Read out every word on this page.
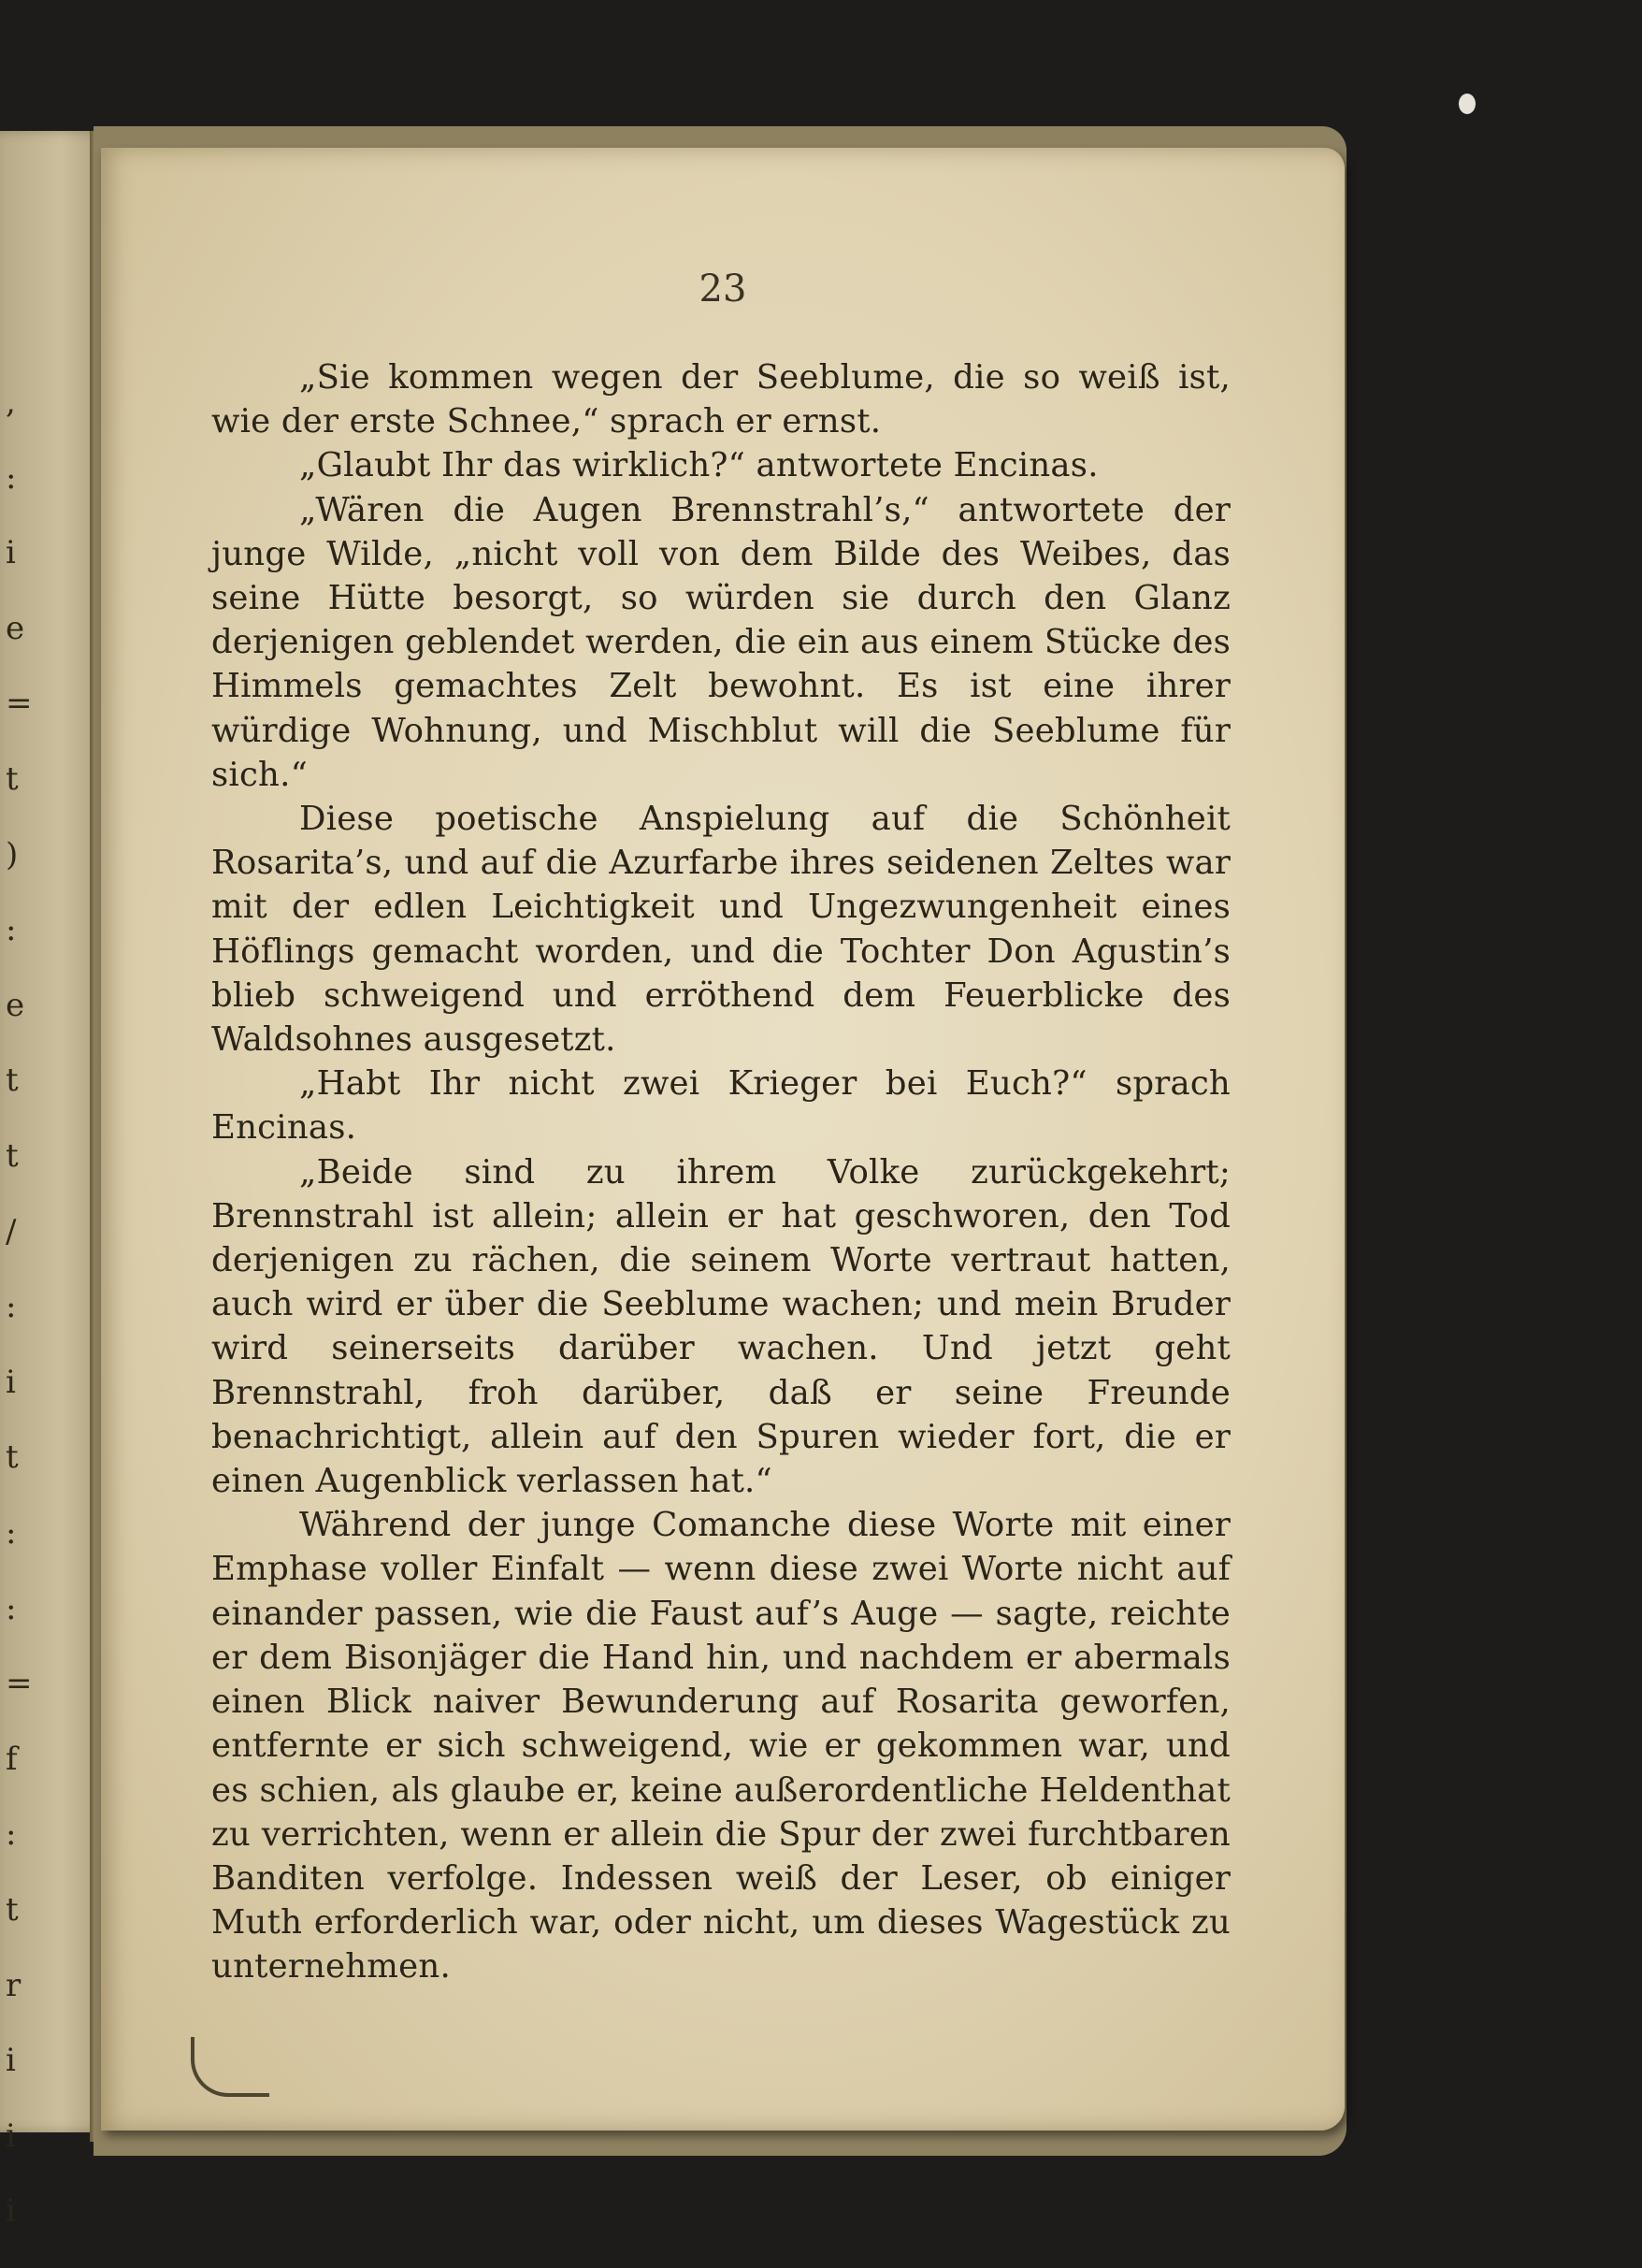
,
:
i
e
=
t
)
:
e
t
t
/
:
i
t
:
:
=
f
:
t
r
i
i
i
23

„Sie kommen wegen der Seeblume, die so weiß ist, wie der erste Schnee,“ sprach er ernst.

„Glaubt Ihr das wirklich?“ antwortete Encinas.

„Wären die Augen Brennstrahl’s,“ antwortete der junge Wilde, „nicht voll von dem Bilde des Weibes, das seine Hütte besorgt, so würden sie durch den Glanz derjenigen geblendet werden, die ein aus einem Stücke des Himmels gemachtes Zelt bewohnt. Es ist eine ihrer würdige Wohnung, und Mischblut will die Seeblume für sich.“

Diese poetische Anspielung auf die Schönheit Rosarita’s, und auf die Azurfarbe ihres seidenen Zeltes war mit der edlen Leichtigkeit und Ungezwungenheit eines Höflings gemacht worden, und die Tochter Don Agustin’s blieb schweigend und erröthend dem Feuerblicke des Waldsohnes ausgesetzt.

„Habt Ihr nicht zwei Krieger bei Euch?“ sprach Encinas.

„Beide sind zu ihrem Volke zurückgekehrt; Brennstrahl ist allein; allein er hat geschworen, den Tod derjenigen zu rächen, die seinem Worte vertraut hatten, auch wird er über die Seeblume wachen; und mein Bruder wird seinerseits darüber wachen. Und jetzt geht Brennstrahl, froh darüber, daß er seine Freunde benachrichtigt, allein auf den Spuren wieder fort, die er einen Augenblick verlassen hat.“

Während der junge Comanche diese Worte mit einer Emphase voller Einfalt — wenn diese zwei Worte nicht auf einander passen, wie die Faust auf’s Auge — sagte, reichte er dem Bisonjäger die Hand hin, und nachdem er abermals einen Blick naiver Bewunderung auf Rosarita geworfen, entfernte er sich schweigend, wie er gekommen war, und es schien, als glaube er, keine außerordentliche Heldenthat zu verrichten, wenn er allein die Spur der zwei furchtbaren Banditen verfolge. Indessen weiß der Leser, ob einiger Muth erforderlich war, oder nicht, um dieses Wagestück zu unternehmen.
